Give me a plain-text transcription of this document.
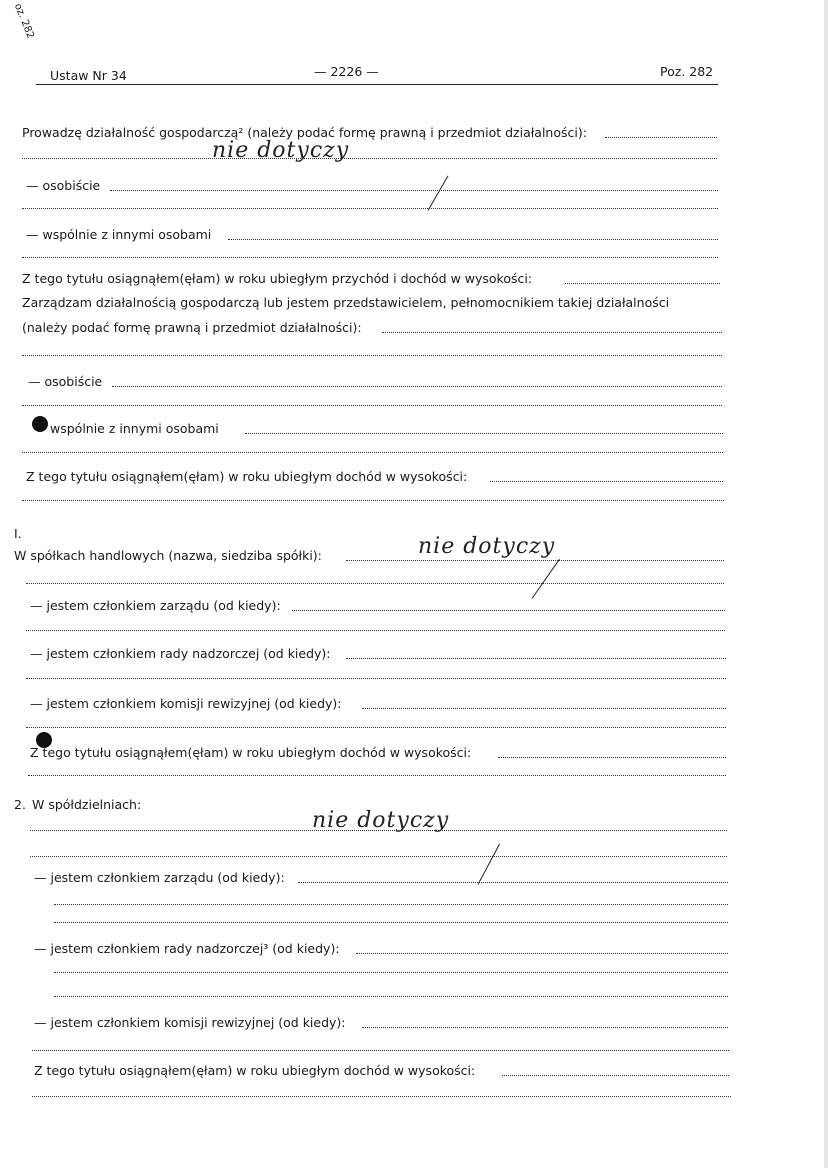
oz. 282
Ustaw Nr 34	— 2226 —	Poz. 282
Prowadzę działalność gospodarczą² (należy podać formę prawną i przedmiot działalności):
nie dotyczy
— osobiście
— wspólnie z innymi osobami
Z tego tytułu osiągnąłem(ęłam) w roku ubiegłym przychód i dochód w wysokości:
Zarządzam działalnością gospodarczą lub jestem przedstawicielem, pełnomocnikiem takiej działalności
(należy podać formę prawną i przedmiot działalności):
— osobiście
wspólnie z innymi osobami
Z tego tytułu osiągnąłem(ęłam) w roku ubiegłym dochód w wysokości:
I.
W spółkach handlowych (nazwa, siedziba spółki):	nie dotyczy
— jestem członkiem zarządu (od kiedy):
— jestem członkiem rady nadzorczej (od kiedy):
— jestem członkiem komisji rewizyjnej (od kiedy):
Z tego tytułu osiągnąłem(ęłam) w roku ubiegłym dochód w wysokości:
2. W spółdzielniach:
nie dotyczy
— jestem członkiem zarządu (od kiedy):
— jestem członkiem rady nadzorczej³ (od kiedy):
— jestem członkiem komisji rewizyjnej (od kiedy):
Z tego tytułu osiągnąłem(ęłam) w roku ubiegłym dochód w wysokości:
